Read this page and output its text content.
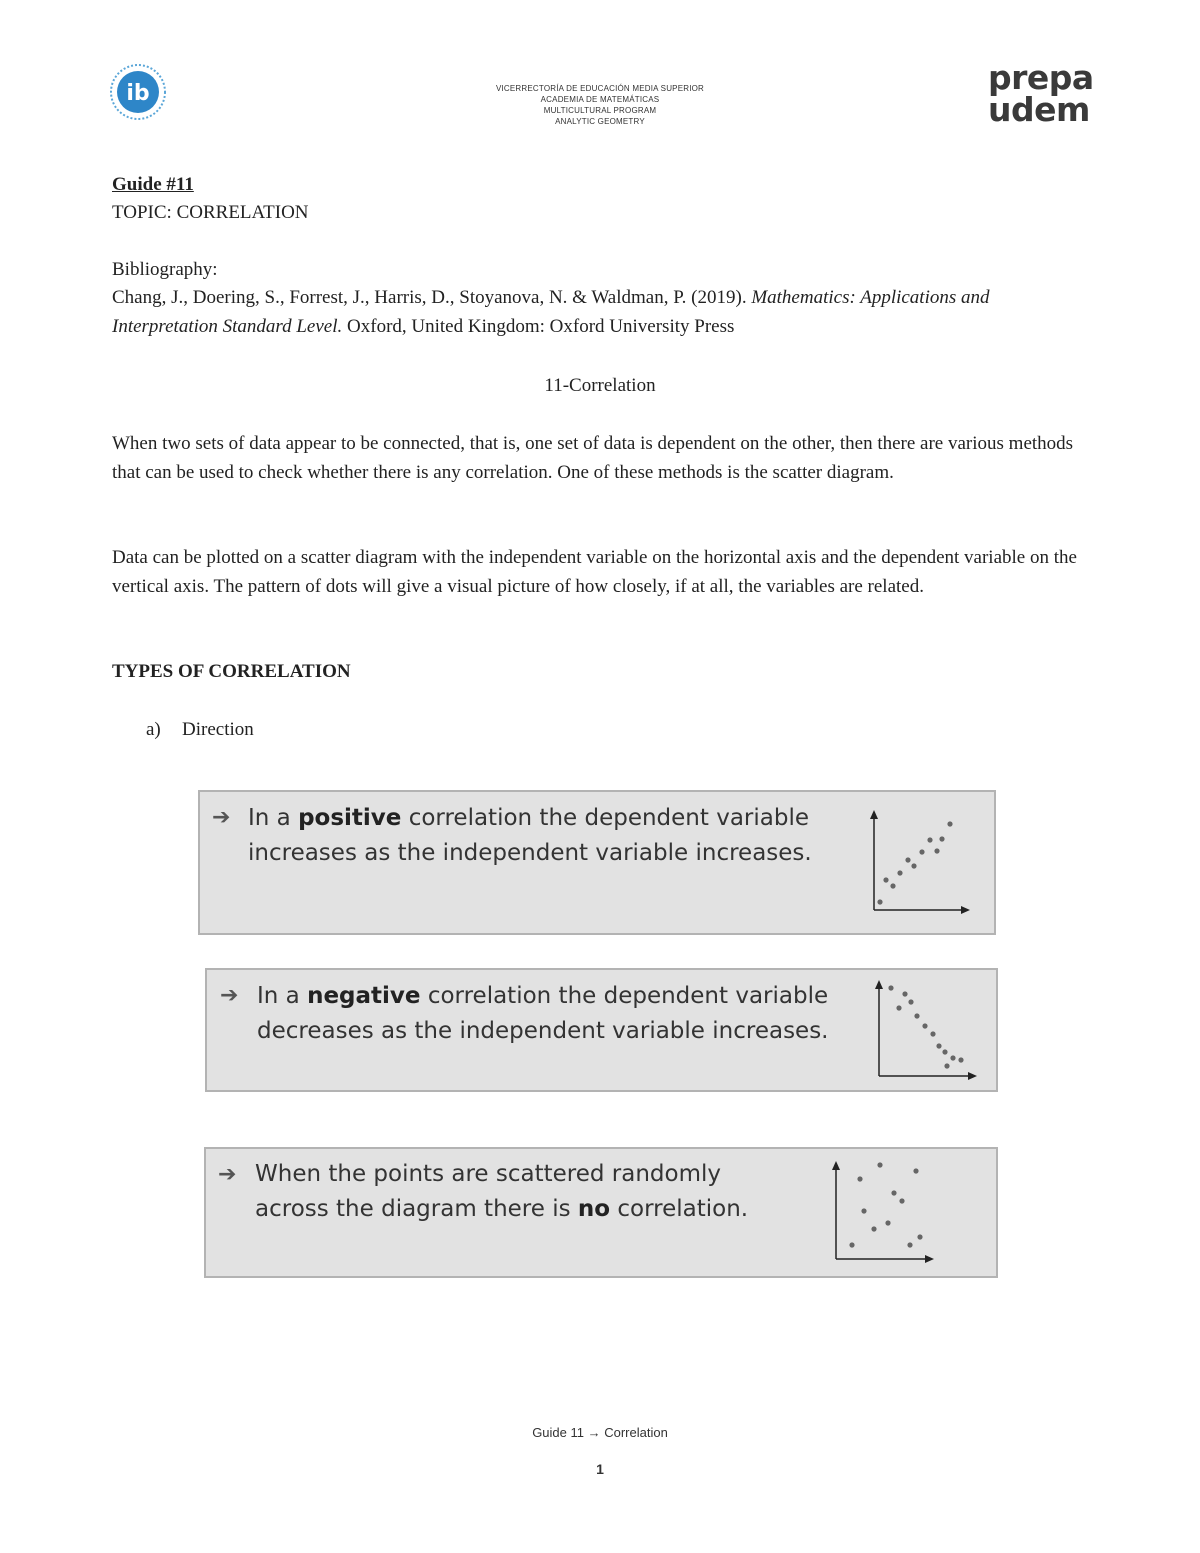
ib	VICERRECTORÍA DE EDUCACIÓN MEDIA SUPERIOR
ACADEMIA DE MATEMÁTICAS
MULTICULTURAL PROGRAM
ANALYTIC GEOMETRY
prepa
udem
Guide #11
TOPIC: CORRELATION
Bibliography:
Chang, J., Doering, S., Forrest, J., Harris, D., Stoyanova, N. & Waldman, P. (2019). Mathematics: Applications and Interpretation Standard Level. Oxford, United Kingdom: Oxford University Press
11-Correlation
When two sets of data appear to be connected, that is, one set of data is dependent on the other, then there are various methods that can be used to check whether there is any correlation. One of these methods is the scatter diagram.
Data can be plotted on a scatter diagram with the independent variable on the horizontal axis and the dependent variable on the vertical axis. The pattern of dots will give a visual picture of how closely, if at all, the variables are related.
TYPES OF CORRELATION
a) Direction
➔ In a positive correlation the dependent variable
increases as the independent variable increases.
➔ In a negative correlation the dependent variable
decreases as the independent variable increases.
➔ When the points are scattered randomly
across the diagram there is no correlation.
Guide 11 → Correlation
1
